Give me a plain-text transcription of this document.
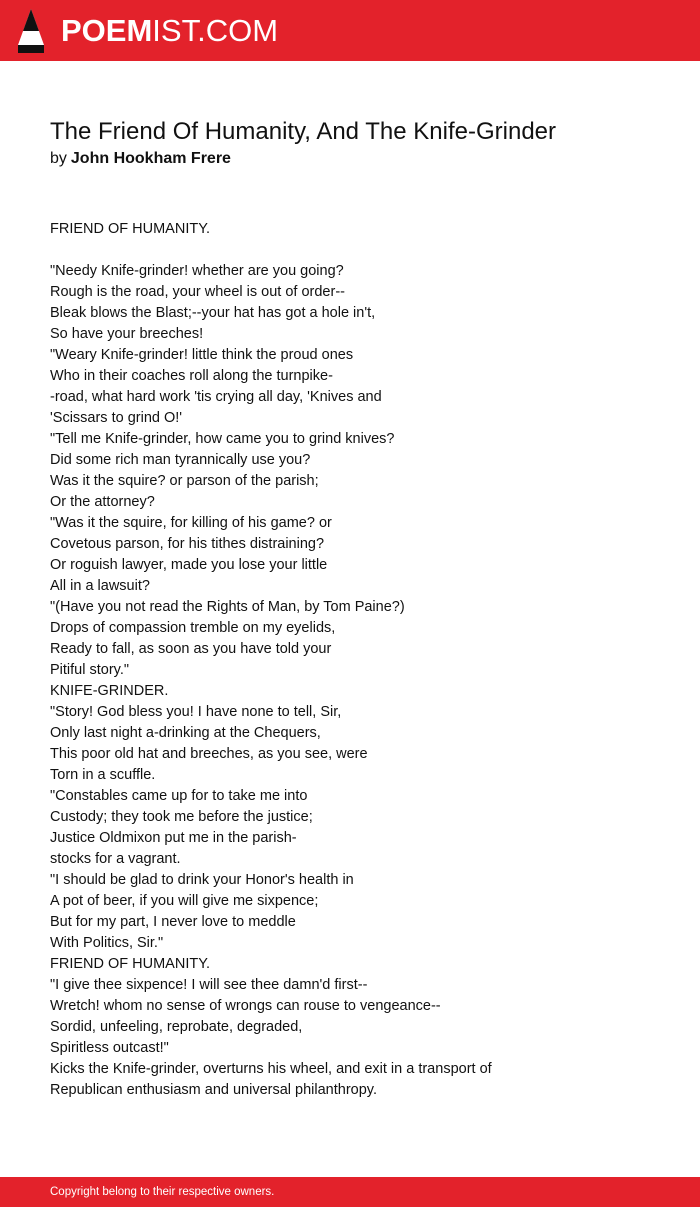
POEMIST.COM
The Friend Of Humanity, And The Knife-Grinder

by John Hookham Frere

FRIEND OF HUMANITY.
"Needy Knife-grinder! whether are you going?
Rough is the road, your wheel is out of order--
Bleak blows the Blast;--your hat has got a hole in't,
So have your breeches!
"Weary Knife-grinder! little think the proud ones
Who in their coaches roll along the turnpike-
-road, what hard work 'tis crying all day, 'Knives and
'Scissars to grind O!'
"Tell me Knife-grinder, how came you to grind knives?
Did some rich man tyrannically use you?
Was it the squire? or parson of the parish;
Or the attorney?
"Was it the squire, for killing of his game? or
Covetous parson, for his tithes distraining?
Or roguish lawyer, made you lose your little
All in a lawsuit?
"(Have you not read the Rights of Man, by Tom Paine?)
Drops of compassion tremble on my eyelids,
Ready to fall, as soon as you have told your
Pitiful story."
KNIFE-GRINDER.
"Story! God bless you! I have none to tell, Sir,
Only last night a-drinking at the Chequers,
This poor old hat and breeches, as you see, were
Torn in a scuffle.
"Constables came up for to take me into
Custody; they took me before the justice;
Justice Oldmixon put me in the parish-
stocks for a vagrant.
"I should be glad to drink your Honor's health in
A pot of beer, if you will give me sixpence;
But for my part, I never love to meddle
With Politics, Sir."
FRIEND OF HUMANITY.
"I give thee sixpence! I will see thee damn'd first--
Wretch! whom no sense of wrongs can rouse to vengeance--
Sordid, unfeeling, reprobate, degraded,
Spiritless outcast!"
Kicks the Knife-grinder, overturns his wheel, and exit in a transport of
Republican enthusiasm and universal philanthropy.
Copyright belong to their respective owners.
